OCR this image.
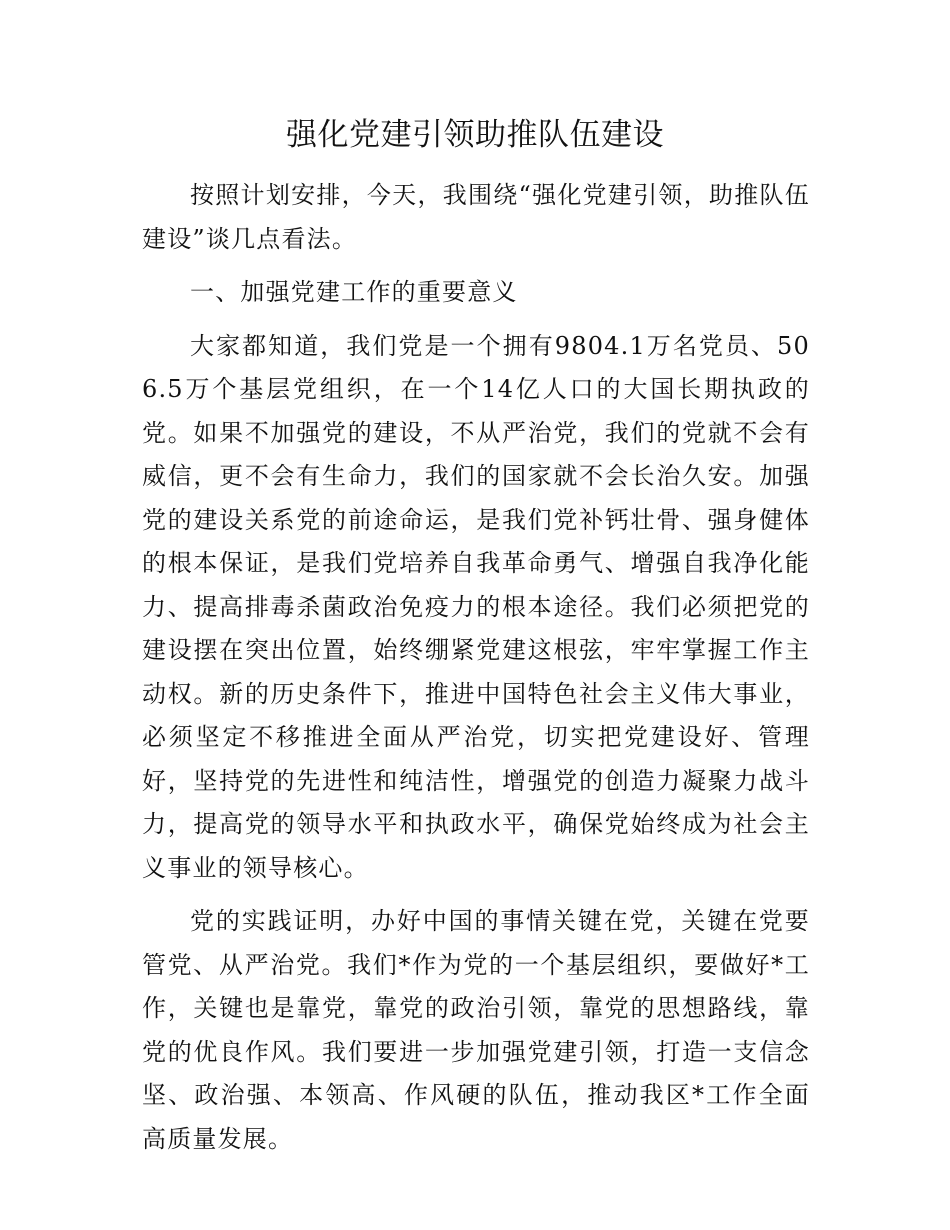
强化党建引领助推队伍建设

按照计划安排，今天，我围绕“强化党建引领，助推队伍建设”谈几点看法。

一、加强党建工作的重要意义

大家都知道，我们党是一个拥有9804.1万名党员、506.5万个基层党组织，在一个14亿人口的大国长期执政的党。如果不加强党的建设，不从严治党，我们的党就不会有威信，更不会有生命力，我们的国家就不会长治久安。加强党的建设关系党的前途命运，是我们党补钙壮骨、强身健体的根本保证，是我们党培养自我革命勇气、增强自我净化能力、提高排毒杀菌政治免疫力的根本途径。我们必须把党的建设摆在突出位置，始终绷紧党建这根弦，牢牢掌握工作主动权。新的历史条件下，推进中国特色社会主义伟大事业，必须坚定不移推进全面从严治党，切实把党建设好、管理好，坚持党的先进性和纯洁性，增强党的创造力凝聚力战斗力，提高党的领导水平和执政水平，确保党始终成为社会主义事业的领导核心。

党的实践证明，办好中国的事情关键在党，关键在党要管党、从严治党。我们*作为党的一个基层组织，要做好*工作，关键也是靠党，靠党的政治引领，靠党的思想路线，靠党的优良作风。我们要进一步加强党建引领，打造一支信念坚、政治强、本领高、作风硬的队伍，推动我区*工作全面高质量发展。
